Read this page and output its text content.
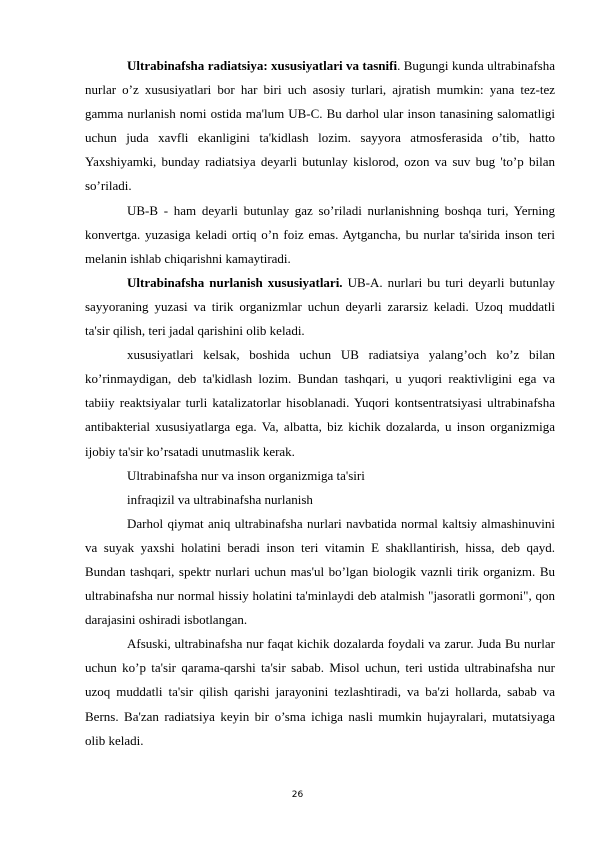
Ultrabinafsha radiatsiya: xususiyatlari va tasnifi. Bugungi kunda ultrabinafsha nurlar o’z xususiyatlari bor har biri uch asosiy turlari, ajratish mumkin: yana tez-tez gamma nurlanish nomi ostida ma'lum UB-C. Bu darhol ular inson tanasining salomatligi uchun juda xavfli ekanligini ta'kidlash lozim. sayyora atmosferasida o’tib, hatto Yaxshiyamki, bunday radiatsiya deyarli butunlay kislorod, ozon va suv bug 'to’p bilan so’riladi.

UB-B - ham deyarli butunlay gaz so’riladi nurlanishning boshqa turi, Yerning konvertga. yuzasiga keladi ortiq o’n foiz emas. Aytgancha, bu nurlar ta'sirida inson teri melanin ishlab chiqarishni kamaytiradi.

Ultrabinafsha nurlanish xususiyatlari. UB-A. nurlari bu turi deyarli butunlay sayyoraning yuzasi va tirik organizmlar uchun deyarli zararsiz keladi. Uzoq muddatli ta'sir qilish, teri jadal qarishini olib keladi.

xususiyatlari kelsak, boshida uchun UB radiatsiya yalang’och ko’z bilan ko’rinmaydigan, deb ta'kidlash lozim. Bundan tashqari, u yuqori reaktivligini ega va tabiiy reaktsiyalar turli katalizatorlar hisoblanadi. Yuqori kontsentratsiyasi ultrabinafsha antibakterial xususiyatlarga ega. Va, albatta, biz kichik dozalarda, u inson organizmiga ijobiy ta'sir ko’rsatadi unutmaslik kerak.

Ultrabinafsha nur va inson organizmiga ta'siri

infraqizil va ultrabinafsha nurlanish

Darhol qiymat aniq ultrabinafsha nurlari navbatida normal kaltsiy almashinuvini va suyak yaxshi holatini beradi inson teri vitamin E shakllantirish, hissa, deb qayd. Bundan tashqari, spektr nurlari uchun mas'ul bo’lgan biologik vaznli tirik organizm. Bu ultrabinafsha nur normal hissiy holatini ta'minlaydi deb atalmish "jasoratli gormoni", qon darajasini oshiradi isbotlangan.

Afsuski, ultrabinafsha nur faqat kichik dozalarda foydali va zarur. Juda Bu nurlar uchun ko’p ta'sir qarama-qarshi ta'sir sabab. Misol uchun, teri ustida ultrabinafsha nur uzoq muddatli ta'sir qilish qarishi jarayonini tezlashtiradi, va ba'zi hollarda, sabab va Berns. Ba'zan radiatsiya keyin bir o’sma ichiga nasli mumkin hujayralari, mutatsiyaga olib keladi.

26
